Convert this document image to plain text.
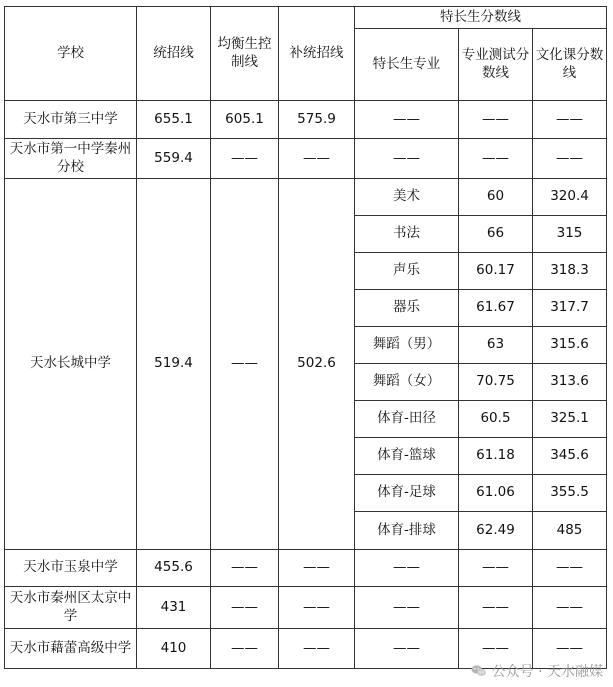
学校	统招线	均衡生控制线	补统招线	特长生分数线		
				特长生专业	专业测试分数线	文化课分数线
天水市第三中学	655.1	605.1	575.9	——	——	——
天水市第一中学秦州分校	559.4	——	——	——	——	——
天水长城中学	519.4	——	502.6	美术	60	320.4
				书法	66	315
				声乐	60.17	318.3
				器乐	61.67	317.7
				舞蹈（男）	63	315.6
				舞蹈（女）	70.75	313.6
				体育-田径	60.5	325.1
				体育-篮球	61.18	345.6
				体育-足球	61.06	355.5
				体育-排球	62.49	485
天水市玉泉中学	455.6	——	——	——	——	——
天水市秦州区太京中学	431	——	——	——	——	——
天水市藉蕾高级中学	410	——	——	——	——	——
公众号 · 天水融媒
